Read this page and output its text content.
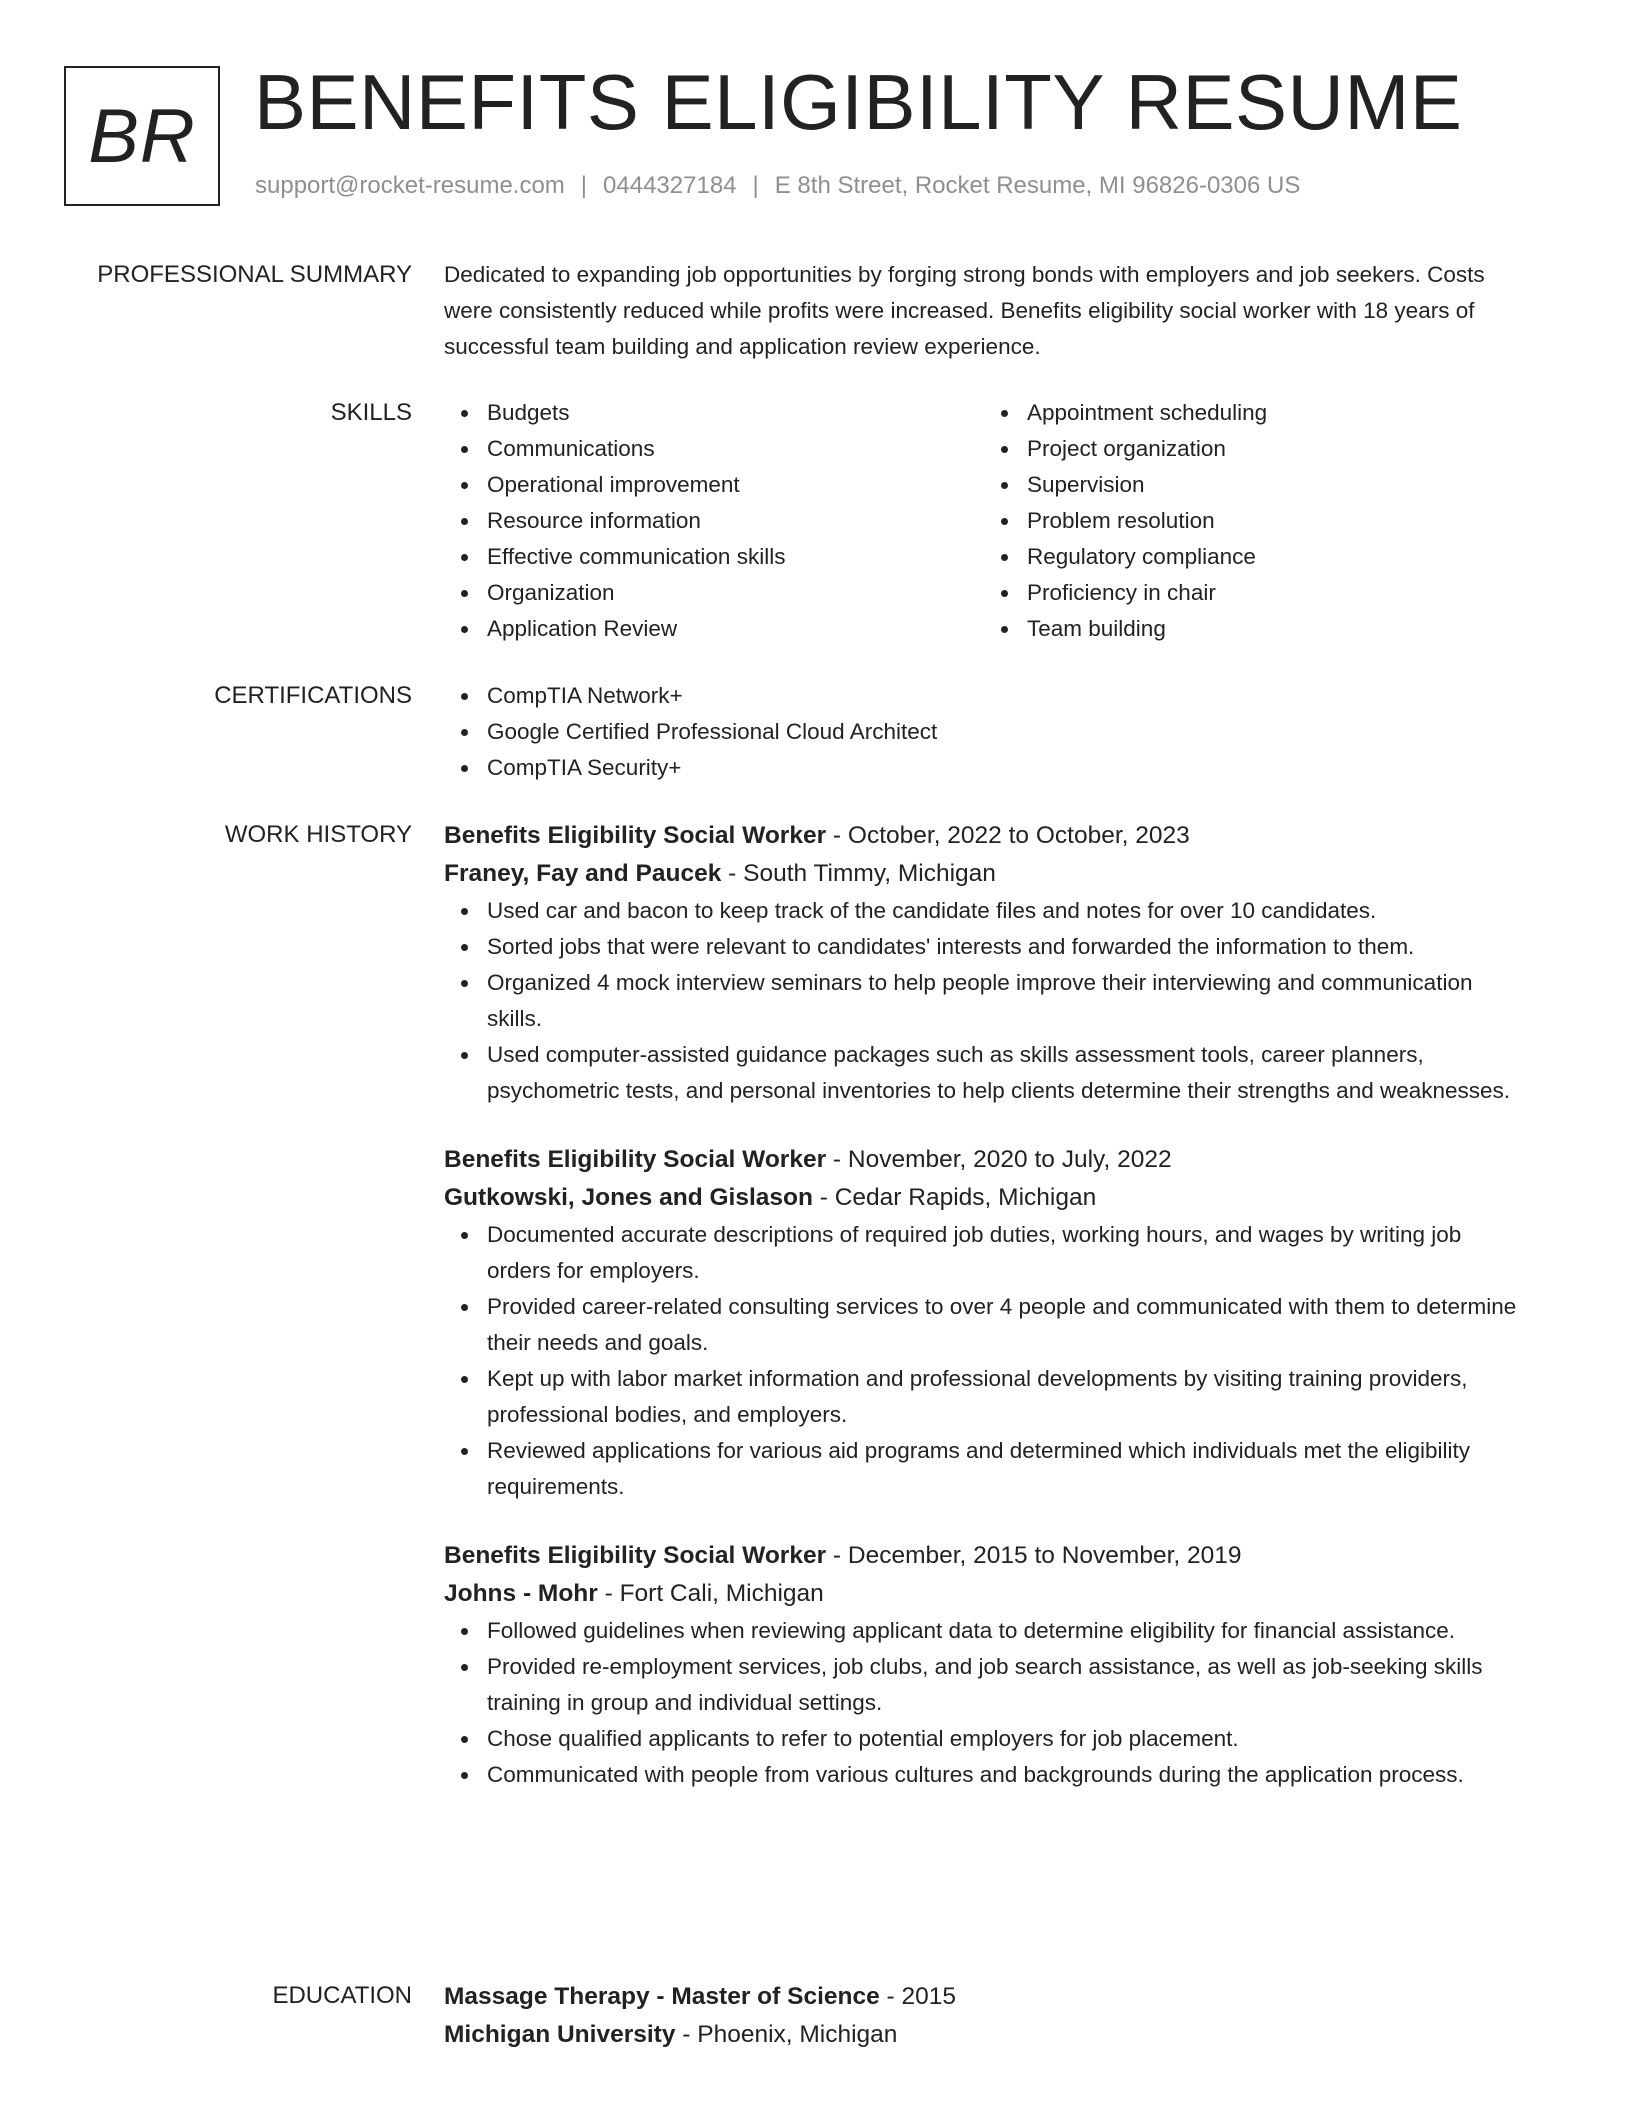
BR BENEFITS ELIGIBILITY RESUME
support@rocket-resume.com | 0444327184 | E 8th Street, Rocket Resume, MI 96826-0306 US
PROFESSIONAL SUMMARY Dedicated to expanding job opportunities by forging strong bonds with employers and job seekers. Costs were consistently reduced while profits were increased. Benefits eligibility social worker with 18 years of successful team building and application review experience.
SKILLS	Budgets
Communications
Operational improvement
Resource information
Effective communication skills
Organization
Application Review
Appointment scheduling
Project organization
Supervision
Problem resolution
Regulatory compliance
Proficiency in chair
Team building
CERTIFICATIONS	CompTIA Network+
Google Certified Professional Cloud Architect
CompTIA Security+
WORK HISTORY Benefits Eligibility Social Worker - October, 2022 to October, 2023
Franey, Fay and Paucek - South Timmy, Michigan
Used car and bacon to keep track of the candidate files and notes for over 10 candidates.
Sorted jobs that were relevant to candidates' interests and forwarded the information to them.
Organized 4 mock interview seminars to help people improve their interviewing and communication skills.
Used computer-assisted guidance packages such as skills assessment tools, career planners, psychometric tests, and personal inventories to help clients determine their strengths and weaknesses.
Benefits Eligibility Social Worker - November, 2020 to July, 2022
Gutkowski, Jones and Gislason - Cedar Rapids, Michigan
Documented accurate descriptions of required job duties, working hours, and wages by writing job orders for employers.
Provided career-related consulting services to over 4 people and communicated with them to determine their needs and goals.
Kept up with labor market information and professional developments by visiting training providers, professional bodies, and employers.
Reviewed applications for various aid programs and determined which individuals met the eligibility requirements.
Benefits Eligibility Social Worker - December, 2015 to November, 2019
Johns - Mohr - Fort Cali, Michigan
Followed guidelines when reviewing applicant data to determine eligibility for financial assistance.
Provided re-employment services, job clubs, and job search assistance, as well as job-seeking skills training in group and individual settings.
Chose qualified applicants to refer to potential employers for job placement.
Communicated with people from various cultures and backgrounds during the application process.
EDUCATION Massage Therapy - Master of Science - 2015
Michigan University - Phoenix, Michigan
